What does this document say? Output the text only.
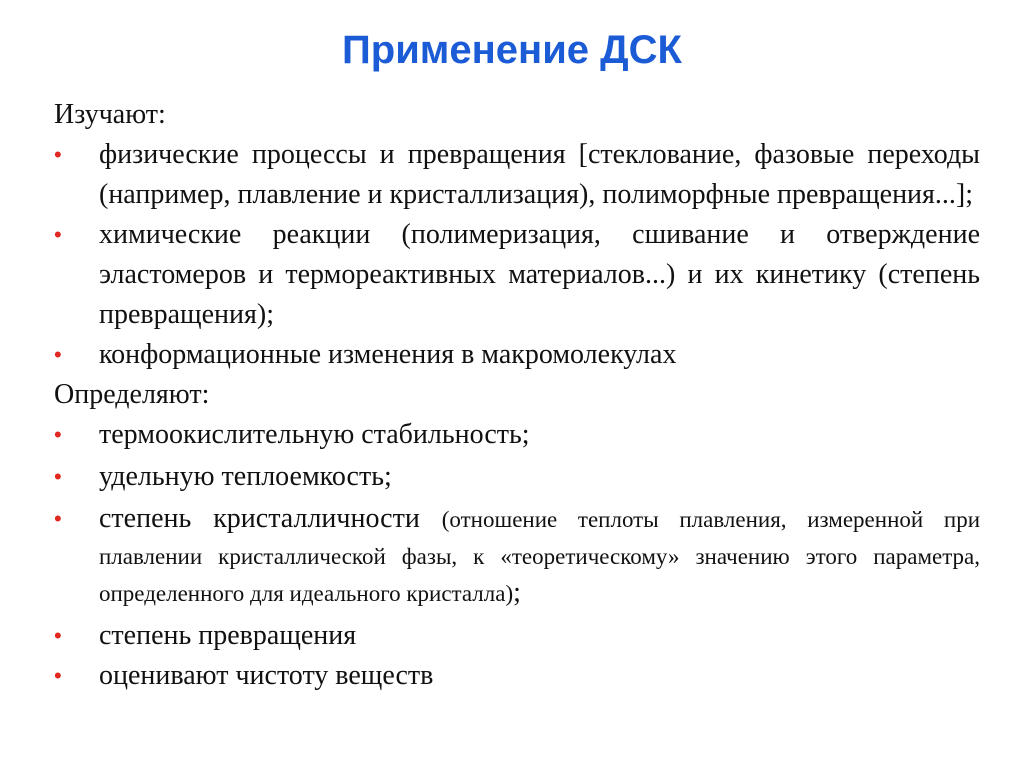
Применение ДСК
Изучают:
• физические процессы и превращения [стеклование, фазовые переходы (например, плавление и кристаллизация), полиморфные превращения...];
• химические реакции (полимеризация, сшивание и отверждение эластомеров и термореактивных материалов...) и их кинетику (степень превращения);
• конформационные изменения в макромолекулах
Определяют:
• термоокислительную стабильность;
• удельную теплоемкость;
• степень кристалличности (отношение теплоты плавления, измеренной при плавлении кристаллической фазы, к «теоретическому» значению этого параметра, определенного для идеального кристалла);
• степень превращения
• оценивают чистоту веществ
